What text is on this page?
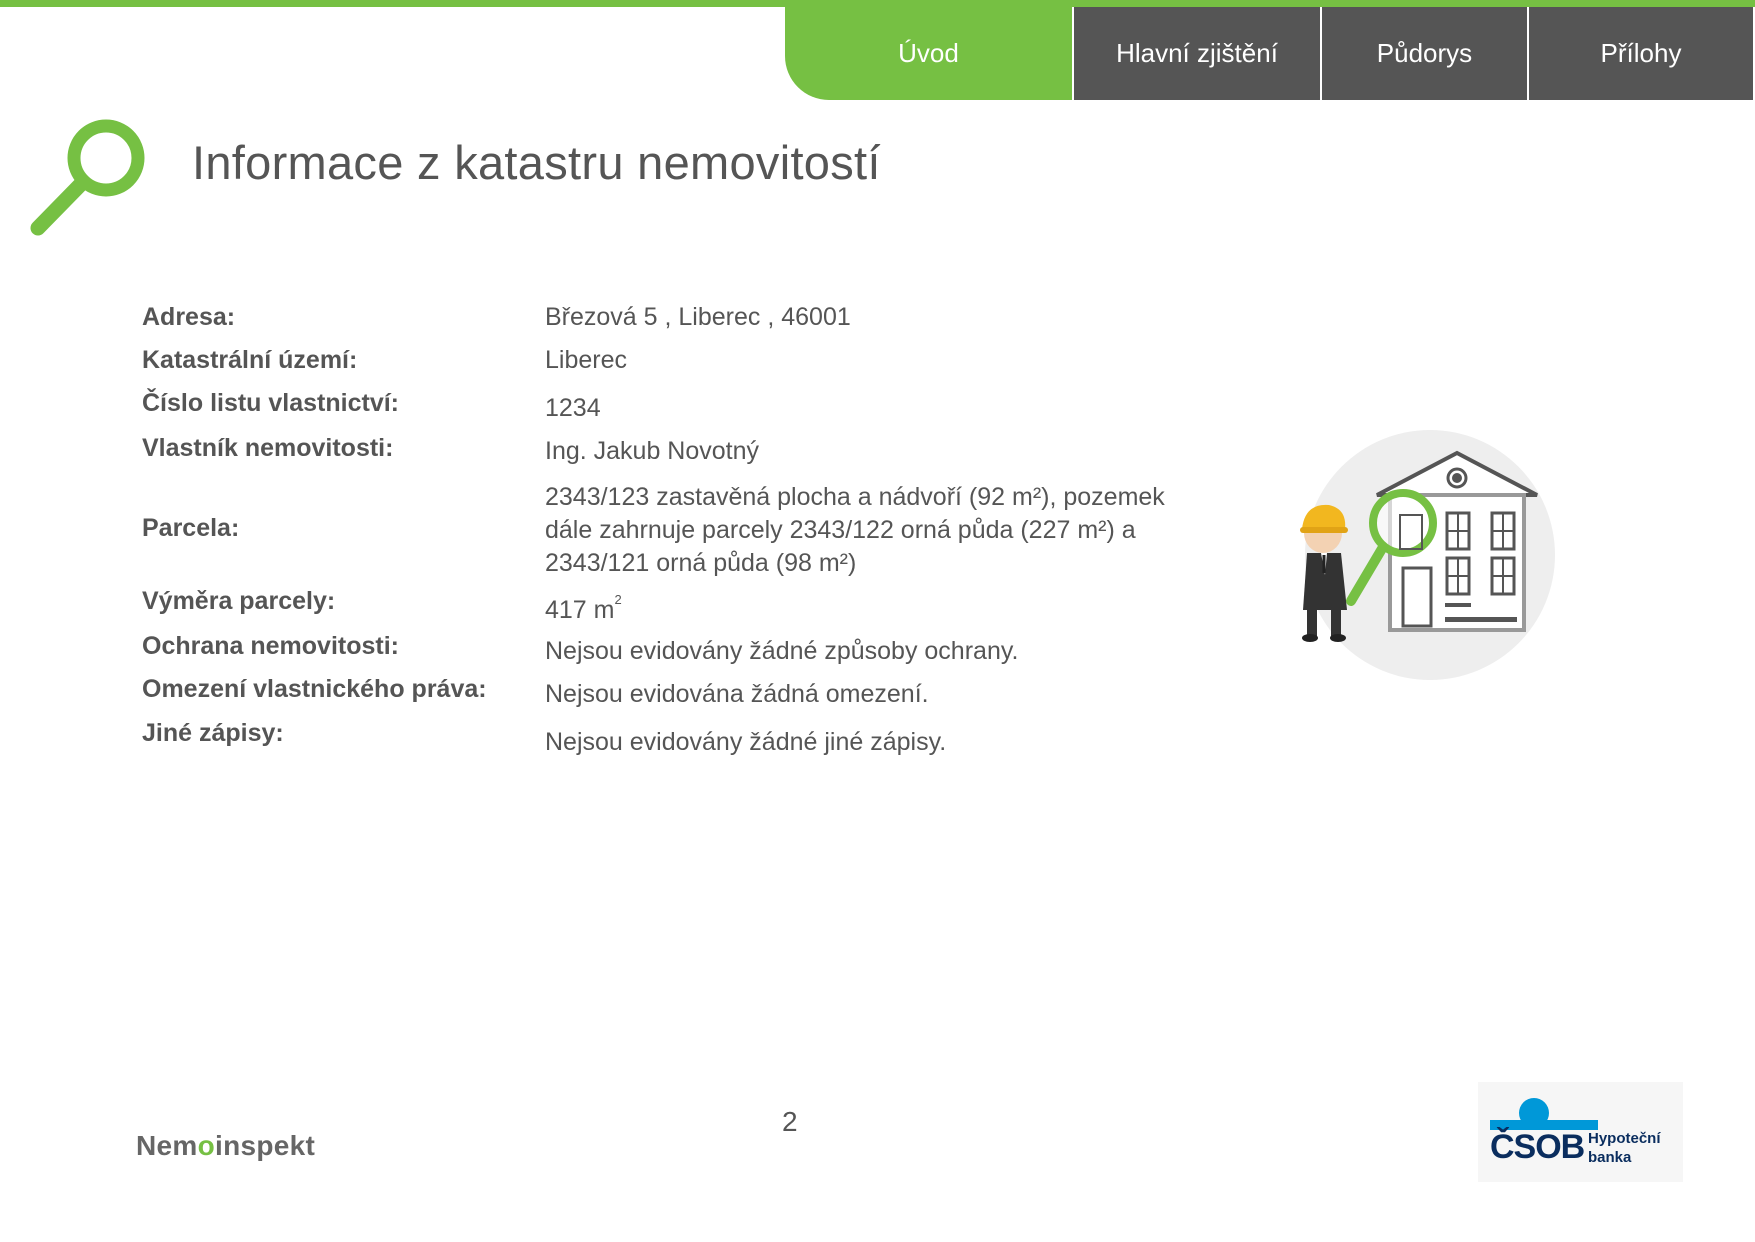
Úvod	Hlavní zjištění	Půdorys	Přílohy
Informace z katastru nemovitostí
Adresa:	Březová 5 , Liberec , 46001
Katastrální území:	Liberec
Číslo listu vlastnictví:	1234
Vlastník nemovitosti:	Ing. Jakub Novotný
Parcela:
2343/123 zastavěná plocha a nádvoří (92 m²), pozemek dále zahrnuje parcely 2343/122 orná půda (227 m²) a 2343/121 orná půda (98 m²)
Výměra parcely:	417 $m^2$
Ochrana nemovitosti:	Nejsou evidovány žádné způsoby ochrany.
Omezení vlastnického práva: Nejsou evidována žádná omezení.
Jiné zápisy:	Nejsou evidovány žádné jiné zápisy.
2
Nemoinspekt	ČSOB Hypoteční
banka
